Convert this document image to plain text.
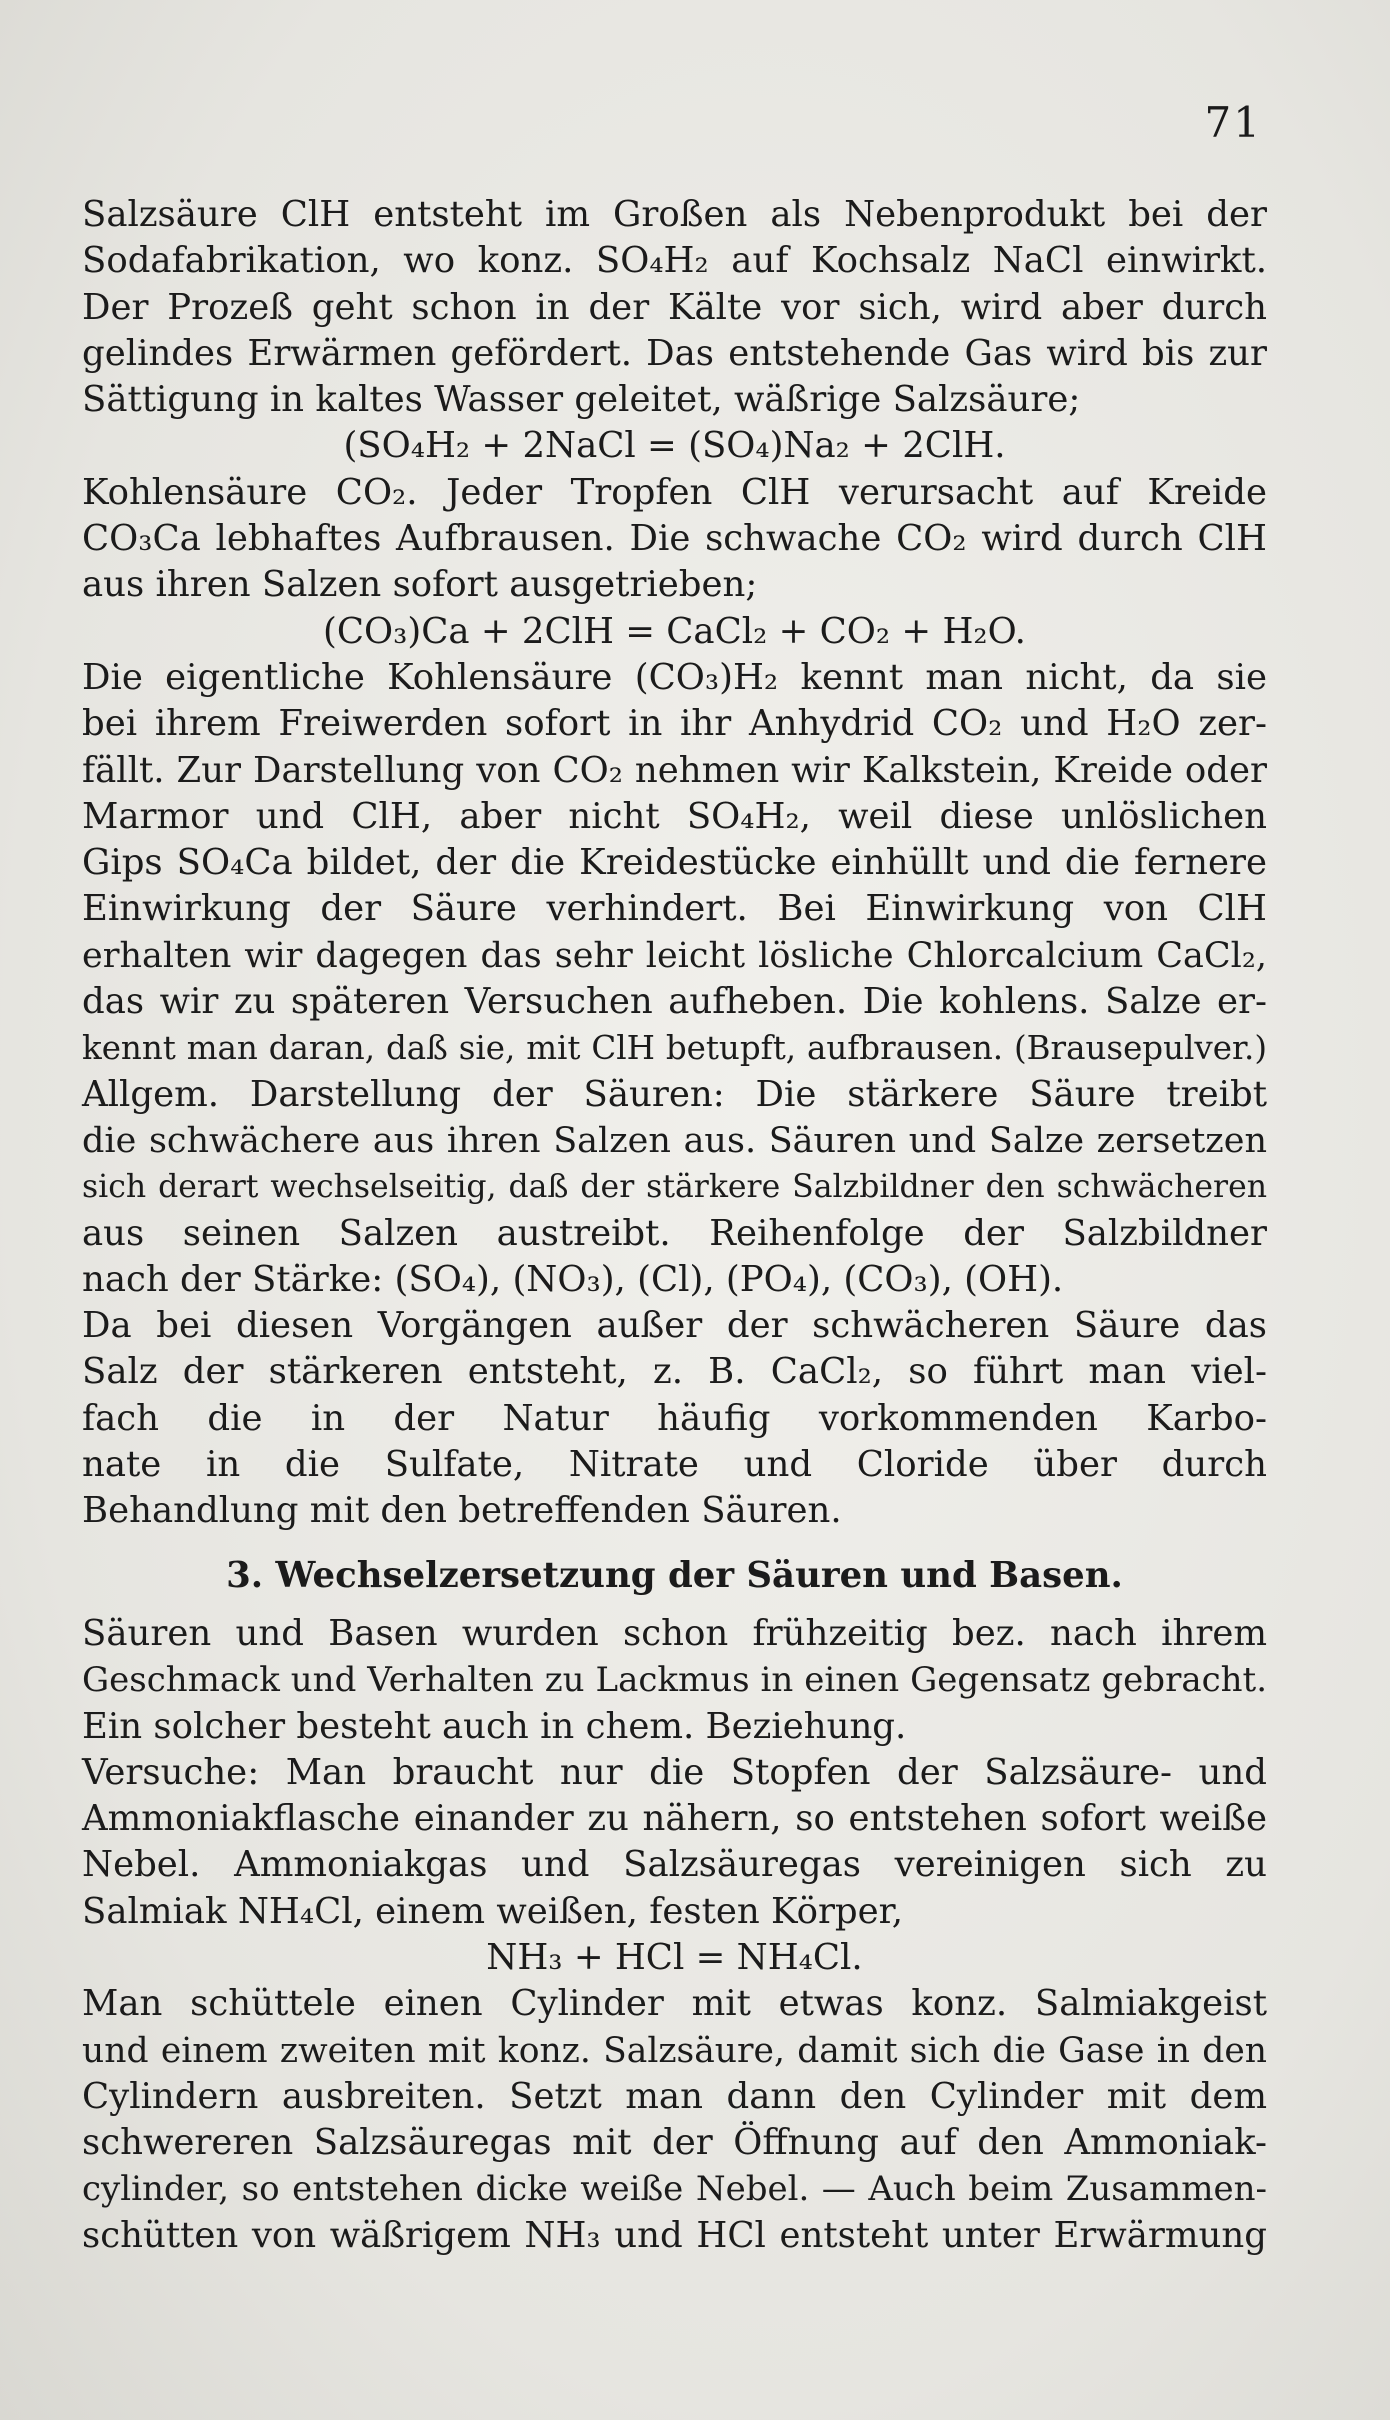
71
Salzsäure ClH entsteht im Großen als Nebenprodukt bei der
Sodafabrikation, wo konz. SO₄H₂ auf Kochsalz NaCl einwirkt.
Der Prozeß geht schon in der Kälte vor sich, wird aber durch
gelindes Erwärmen gefördert. Das entstehende Gas wird bis zur
Sättigung in kaltes Wasser geleitet, wäßrige Salzsäure;
(SO₄H₂ + 2NaCl = (SO₄)Na₂ + 2ClH.
Kohlensäure CO₂. Jeder Tropfen ClH verursacht auf Kreide
CO₃Ca lebhaftes Aufbrausen. Die schwache CO₂ wird durch ClH
aus ihren Salzen sofort ausgetrieben;
(CO₃)Ca + 2ClH = CaCl₂ + CO₂ + H₂O.
Die eigentliche Kohlensäure (CO₃)H₂ kennt man nicht, da sie
bei ihrem Freiwerden sofort in ihr Anhydrid CO₂ und H₂O zer-
fällt. Zur Darstellung von CO₂ nehmen wir Kalkstein, Kreide oder
Marmor und ClH, aber nicht SO₄H₂, weil diese unlöslichen
Gips SO₄Ca bildet, der die Kreidestücke einhüllt und die fernere
Einwirkung der Säure verhindert. Bei Einwirkung von ClH
erhalten wir dagegen das sehr leicht lösliche Chlorcalcium CaCl₂,
das wir zu späteren Versuchen aufheben. Die kohlens. Salze er-
kennt man daran, daß sie, mit ClH betupft, aufbrausen. (Brausepulver.)
Allgem. Darstellung der Säuren: Die stärkere Säure treibt
die schwächere aus ihren Salzen aus. Säuren und Salze zersetzen
sich derart wechselseitig, daß der stärkere Salzbildner den schwächeren
aus seinen Salzen austreibt. Reihenfolge der Salzbildner
nach der Stärke: (SO₄), (NO₃), (Cl), (PO₄), (CO₃), (OH).
Da bei diesen Vorgängen außer der schwächeren Säure das
Salz der stärkeren entsteht, z. B. CaCl₂, so führt man viel-
fach die in der Natur häufig vorkommenden Karbo-
nate in die Sulfate, Nitrate und Cloride über durch
Behandlung mit den betreffenden Säuren.
3. Wechselzersetzung der Säuren und Basen.
Säuren und Basen wurden schon frühzeitig bez. nach ihrem
Geschmack und Verhalten zu Lackmus in einen Gegensatz gebracht.
Ein solcher besteht auch in chem. Beziehung.
Versuche: Man braucht nur die Stopfen der Salzsäure- und
Ammoniakflasche einander zu nähern, so entstehen sofort weiße
Nebel. Ammoniakgas und Salzsäuregas vereinigen sich zu
Salmiak NH₄Cl, einem weißen, festen Körper,
NH₃ + HCl = NH₄Cl.
Man schüttele einen Cylinder mit etwas konz. Salmiakgeist
und einem zweiten mit konz. Salzsäure, damit sich die Gase in den
Cylindern ausbreiten. Setzt man dann den Cylinder mit dem
schwereren Salzsäuregas mit der Öffnung auf den Ammoniak-
cylinder, so entstehen dicke weiße Nebel. — Auch beim Zusammen-
schütten von wäßrigem NH₃ und HCl entsteht unter Erwärmung
